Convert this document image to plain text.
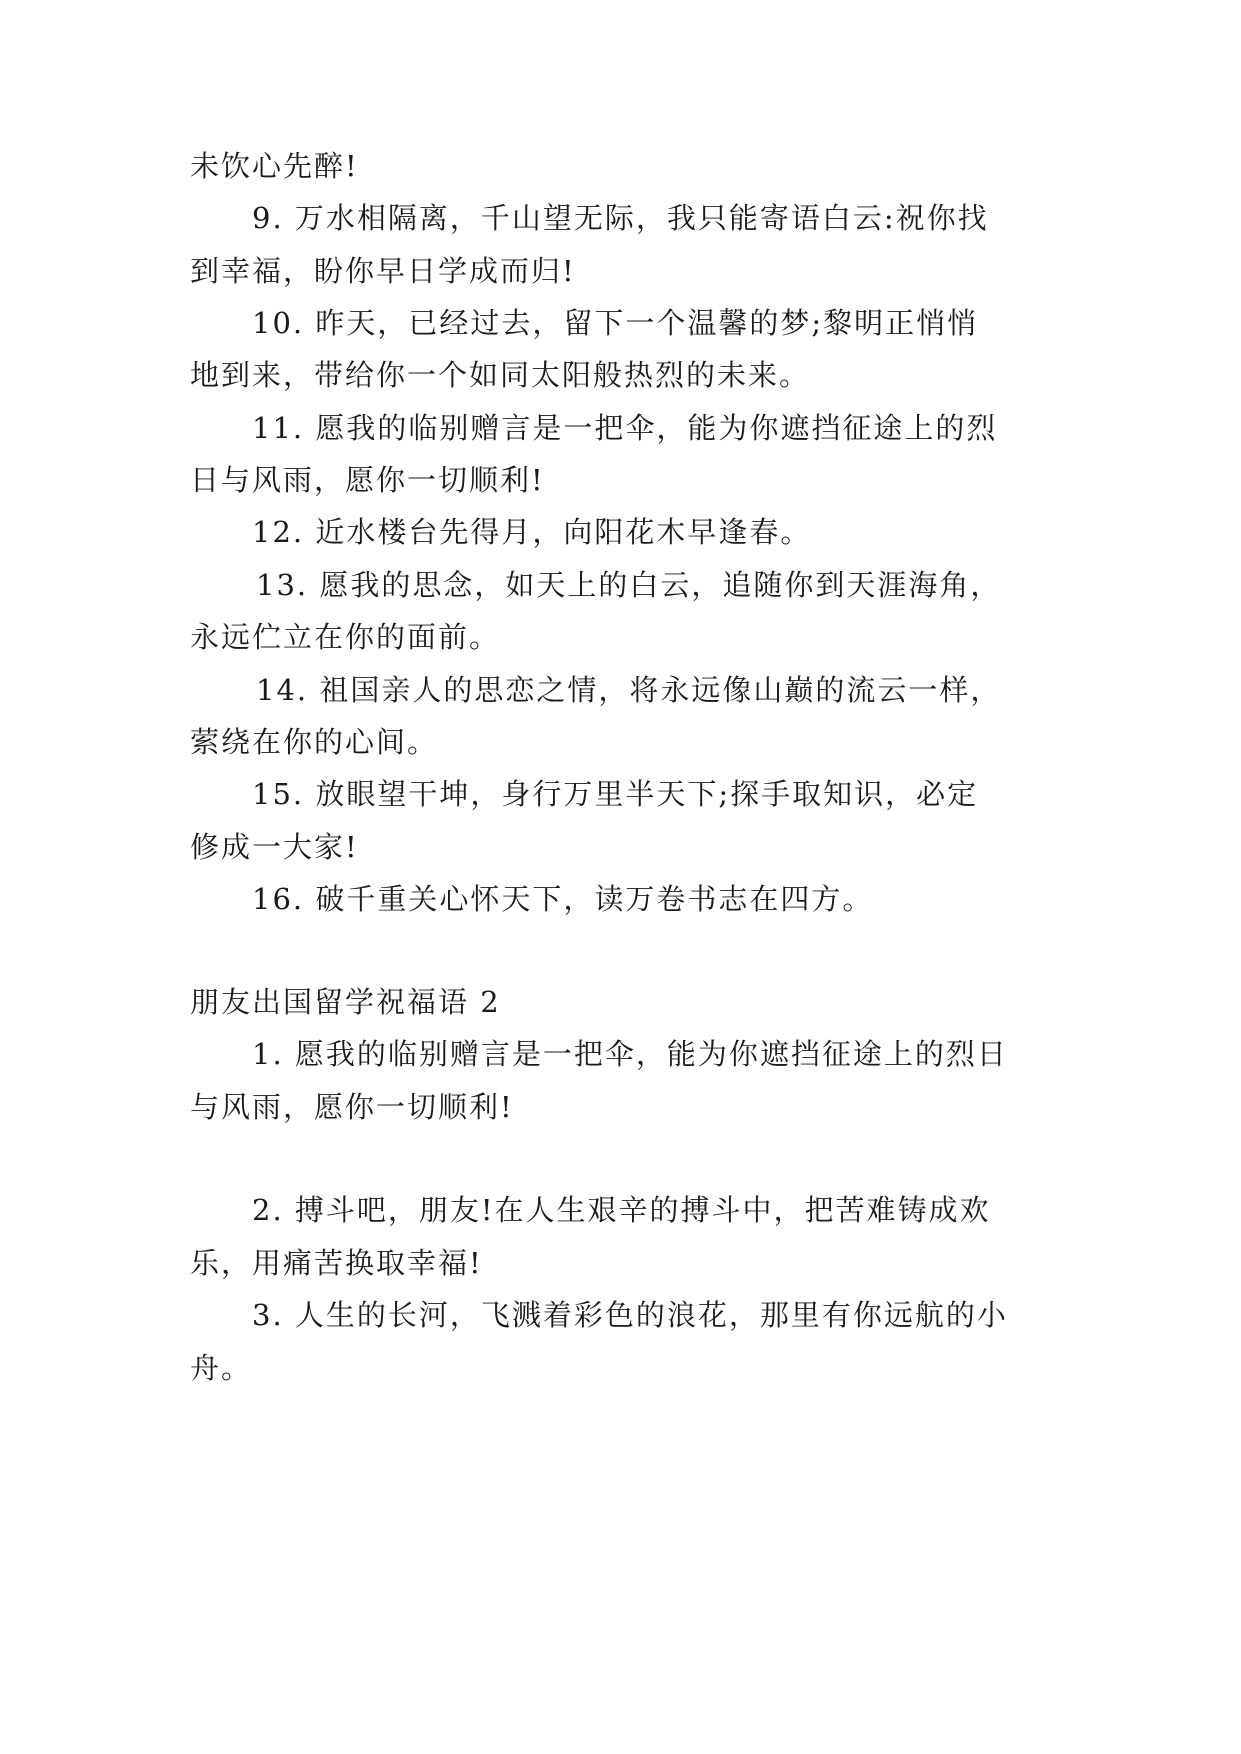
未饮心先醉!
9. 万水相隔离，千山望无际，我只能寄语白云:祝你找
到幸福，盼你早日学成而归!
10. 昨天，已经过去，留下一个温馨的梦;黎明正悄悄
地到来，带给你一个如同太阳般热烈的未来。
11. 愿我的临别赠言是一把伞，能为你遮挡征途上的烈
日与风雨，愿你一切顺利!
12. 近水楼台先得月，向阳花木早逢春。
13. 愿我的思念，如天上的白云，追随你到天涯海角，
永远伫立在你的面前。
14. 祖国亲人的思恋之情，将永远像山巅的流云一样，
萦绕在你的心间。
15. 放眼望干坤，身行万里半天下;探手取知识，必定
修成一大家!
16. 破千重关心怀天下，读万卷书志在四方。
朋友出国留学祝福语 2
1. 愿我的临别赠言是一把伞，能为你遮挡征途上的烈日
与风雨，愿你一切顺利!
2. 搏斗吧，朋友!在人生艰辛的搏斗中，把苦难铸成欢
乐，用痛苦换取幸福!
3. 人生的长河，飞溅着彩色的浪花，那里有你远航的小
舟。
